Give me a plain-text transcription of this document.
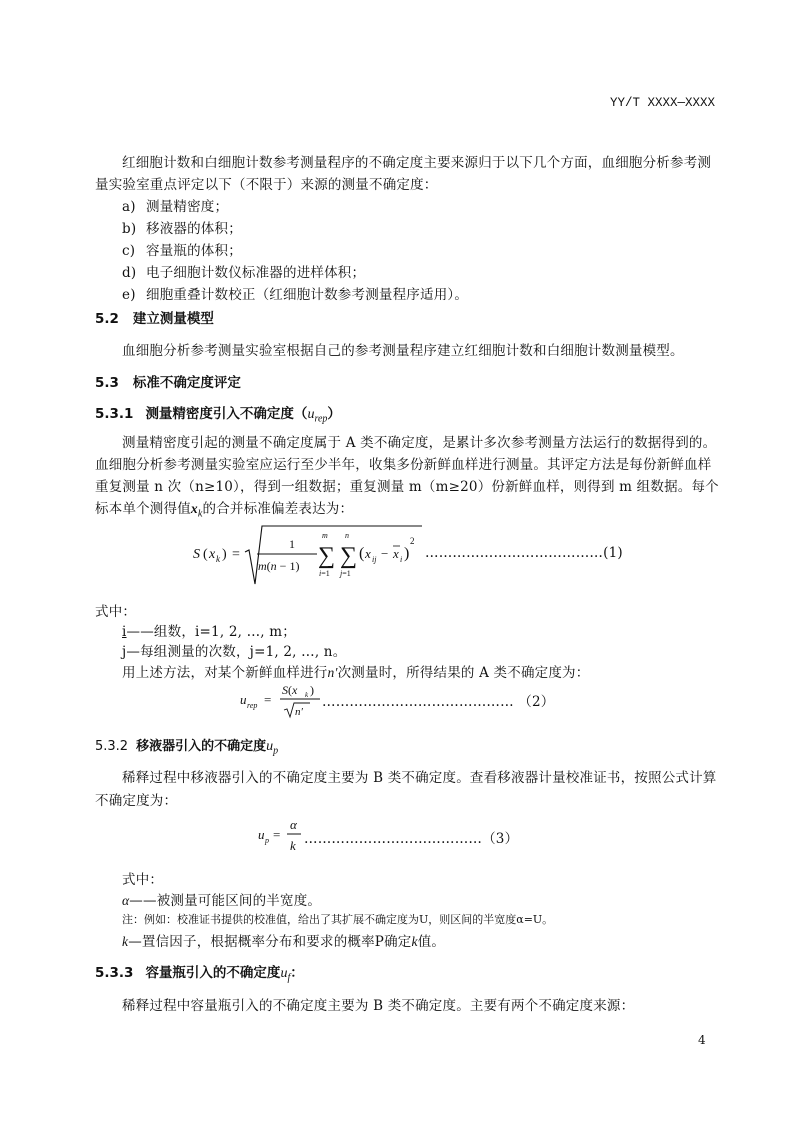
YY/T XXXX—XXXX
红细胞计数和白细胞计数参考测量程序的不确定度主要来源归于以下几个方面，血细胞分析参考测
量实验室重点评定以下（不限于）来源的测量不确定度：
a) 测量精密度；
b) 移液器的体积；
c) 容量瓶的体积；
d) 电子细胞计数仪标准器的进样体积；
e) 细胞重叠计数校正（红细胞计数参考测量程序适用）。
5.2 建立测量模型
血细胞分析参考测量实验室根据自己的参考测量程序建立红细胞计数和白细胞计数测量模型。
5.3 标准不确定度评定
5.3.1 测量精密度引入不确定度$(u_{rep})$
测量精密度引起的测量不确定度属于 A 类不确定度，是累计多次参考测量方法运行的数据得到的。
血细胞分析参考测量实验室应运行至少半年，收集多份新鲜血样进行测量。其评定方法是每份新鲜血样
重复测量 n 次（n≥10），得到一组数据；重复测量 m（m≥20）份新鲜血样，则得到 m 组数据。每个
标本单个测得值$x_k$的合并标准偏差表达为：
S ( x k ) =
1
m(n − 1)
m
∑
i=1
n
∑
j=1
( x ij − x i )
2
…………………………………(1)
式中：
i——组数，i=1, 2, …, m；
j—每组测量的次数，j=1, 2, …, n。
用上述方法，对某个新鲜血样进行n′次测量时，所得结果的 A 类不确定度为：
u rep =
S(x k )
n′
…………………………………… （2）
5.3.2 移液器引入的不确定度$u_p$
稀释过程中移液器引入的不确定度主要为 B 类不确定度。查看移液器计量校准证书，按照公式计算
不确定度为：
u p =
α
k …………………………………（3）
式中：
α——被测量可能区间的半宽度。
注：例如：校准证书提供的校准值，给出了其扩展不确定度为U，则区间的半宽度α=U。
k—置信因子，根据概率分布和要求的概率P确定k值。
5.3.3 容量瓶引入的不确定度$u_f$：
稀释过程中容量瓶引入的不确定度主要为 B 类不确定度。主要有两个不确定度来源：
4
